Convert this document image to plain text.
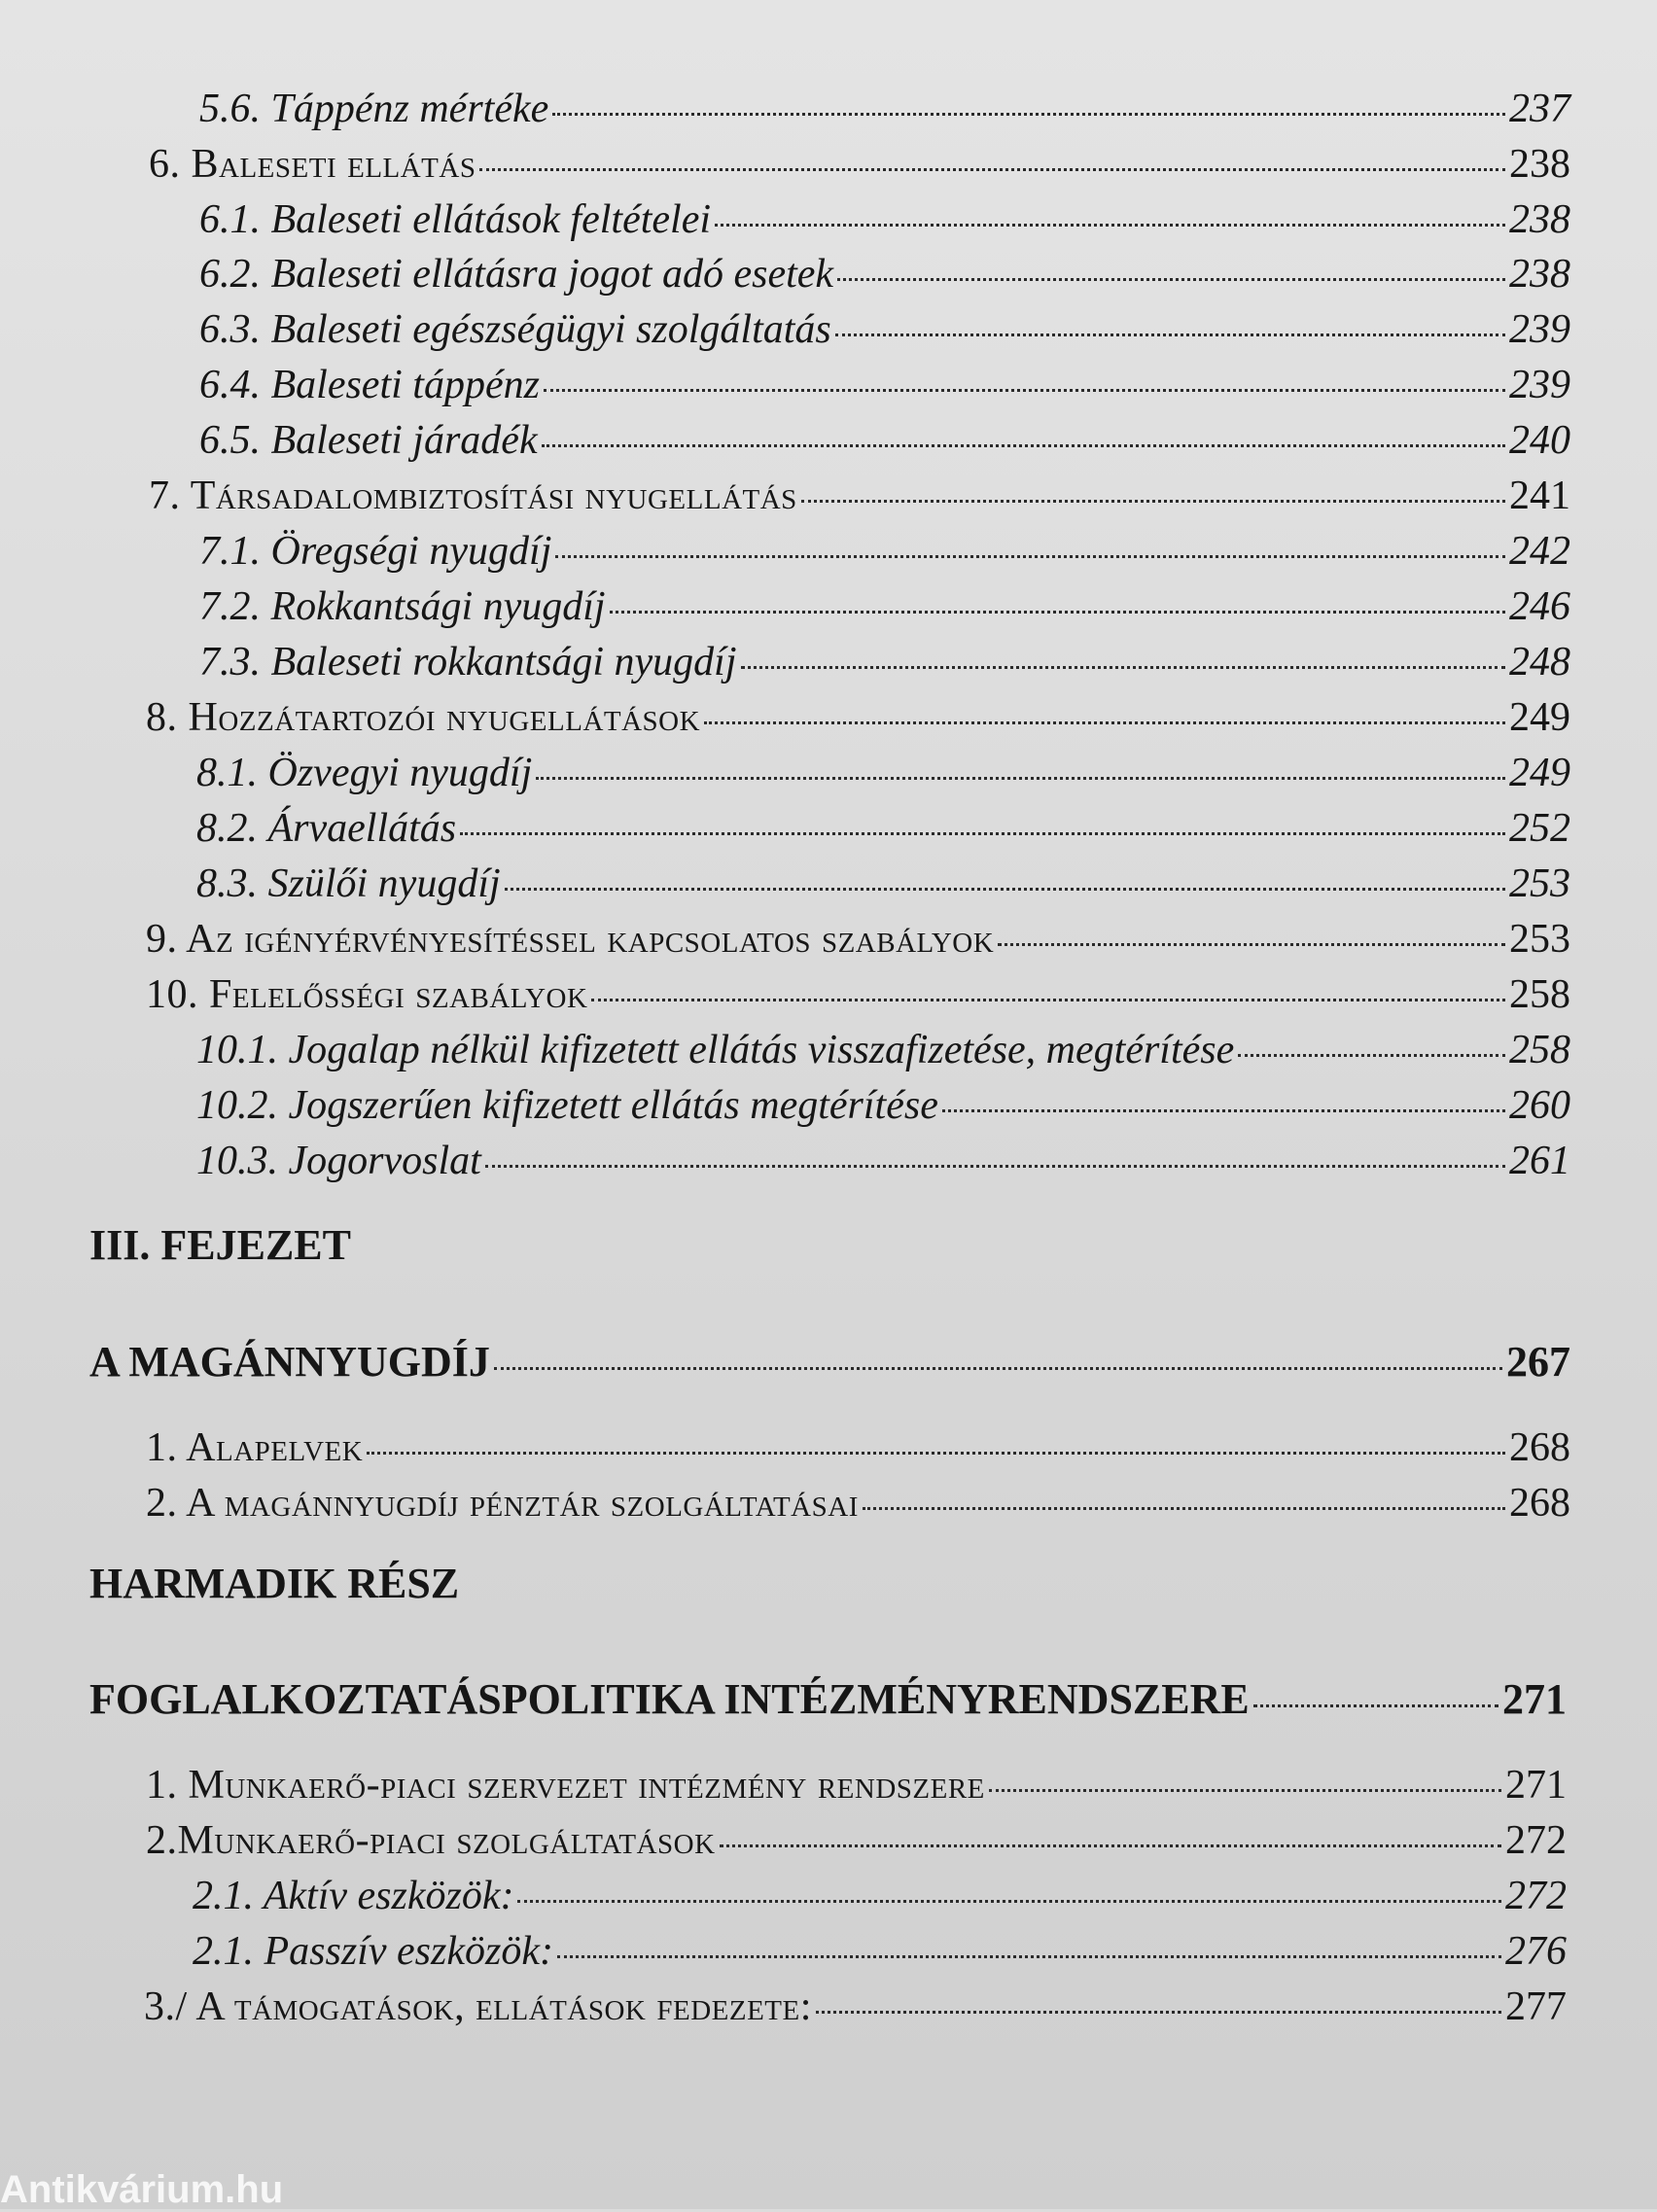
5.6. Táppénz mértéke	237
6. Baleseti ellátás	238
6.1. Baleseti ellátások feltételei	238
6.2. Baleseti ellátásra jogot adó esetek	238
6.3. Baleseti egészségügyi szolgáltatás	239
6.4. Baleseti táppénz	239
6.5. Baleseti járadék	240
7. Társadalombiztosítási nyugellátás	241
7.1. Öregségi nyugdíj	242
7.2. Rokkantsági nyugdíj	246
7.3. Baleseti rokkantsági nyugdíj	248
8. Hozzátartozói nyugellátások	249
8.1. Özvegyi nyugdíj	249
8.2. Árvaellátás	252
8.3. Szülői nyugdíj	253
9. Az igényérvényesítéssel kapcsolatos szabályok	253
10. Felelősségi szabályok	258
10.1. Jogalap nélkül kifizetett ellátás visszafizetése, megtérítése	258
10.2. Jogszerűen kifizetett ellátás megtérítése	260
10.3. Jogorvoslat	261
III. FEJEZET
A MAGÁNNYUGDÍJ	267
1. Alapelvek	268
2. A magánnyugdíj pénztár szolgáltatásai	268
HARMADIK RÉSZ
FOGLALKOZTATÁSPOLITIKA INTÉZMÉNYRENDSZERE	271
1. Munkaerő-piaci szervezet intézmény rendszere	271
2.Munkaerő-piaci szolgáltatások	272
2.1. Aktív eszközök:	272
2.1. Passzív eszközök:	276
3./ A támogatások, ellátások fedezete:	277
Antikvárium.hu
